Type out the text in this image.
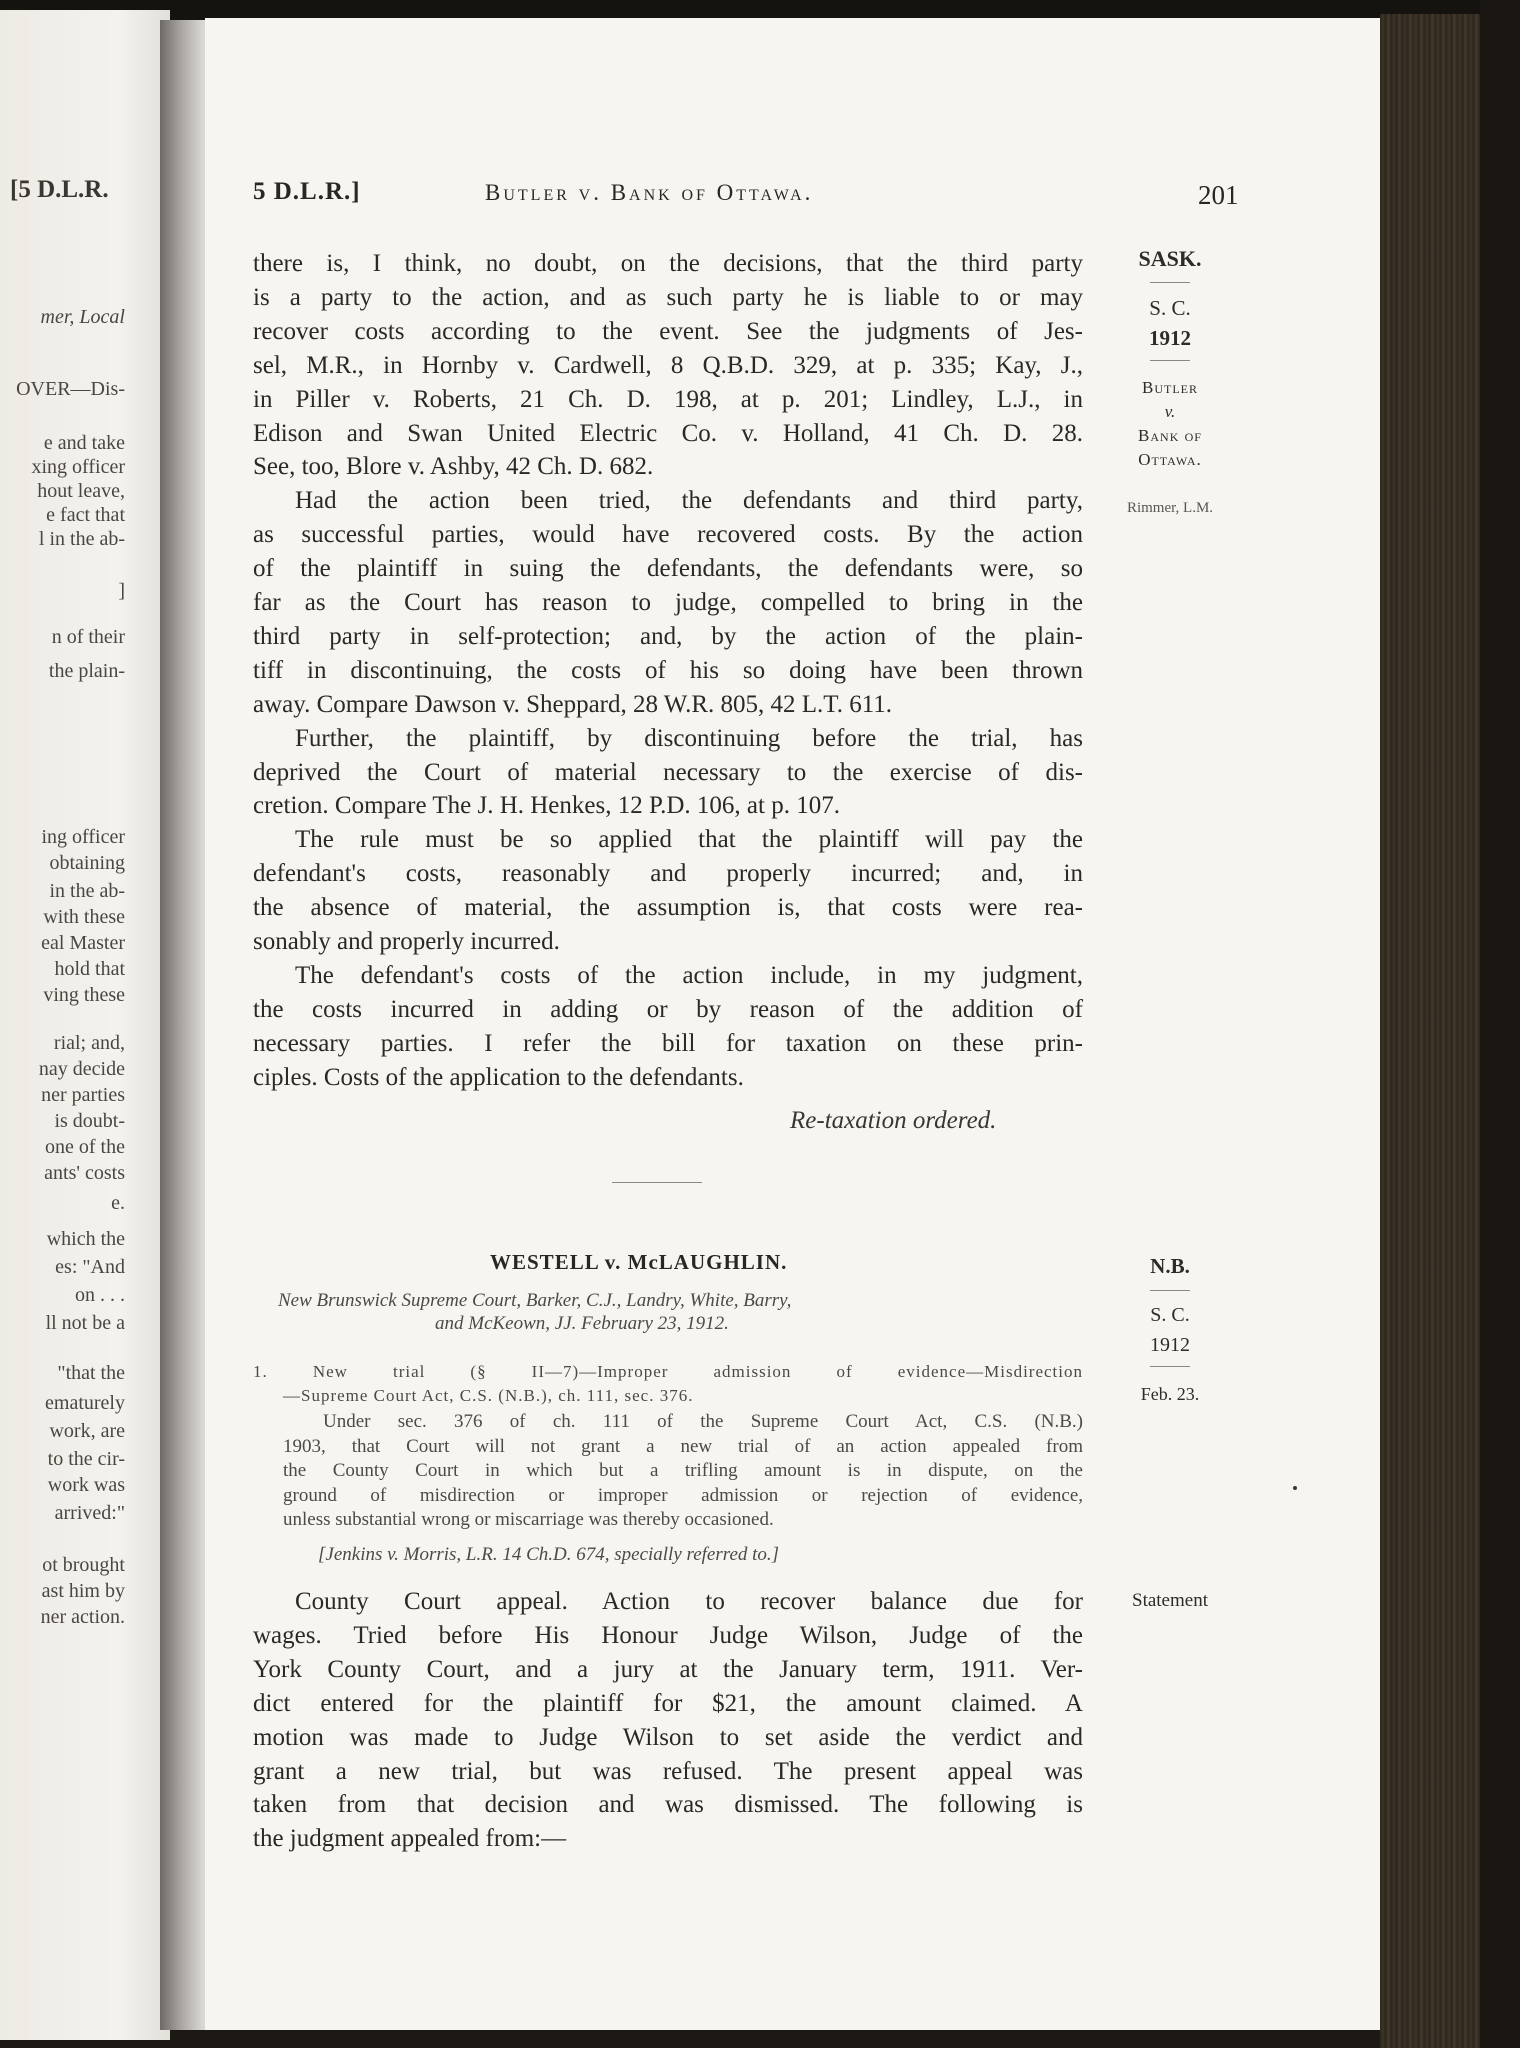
[5 D.L.R.
mer, Local
OVER—Dis-
e and take
xing officer
hout leave,
e fact that
l in the ab-
]
n of their
the plain-
ing officer
obtaining
in the ab-
with these
eal Master
hold that
ving these
rial; and,
nay decide
ner parties
is doubt-
one of the
ants' costs
e.
which the
es: "And
on . . .
ll not be a
"that the
ematurely
work, are
to the cir-
work was
arrived:"
ot brought
ast him by
ner action.
5 D.L.R.]	Butler v. Bank of Ottawa.	201
SASK.
S. C.
1912
Butler
v.
Bank of
Ottawa.
Rimmer, L.M.
there is, I think, no doubt, on the decisions, that the third party
is a party to the action, and as such party he is liable to or may
recover costs according to the event. See the judgments of Jes-
sel, M.R., in Hornby v. Cardwell, 8 Q.B.D. 329, at p. 335; Kay, J.,
in Piller v. Roberts, 21 Ch. D. 198, at p. 201; Lindley, L.J., in
Edison and Swan United Electric Co. v. Holland, 41 Ch. D. 28.
See, too, Blore v. Ashby, 42 Ch. D. 682.
Had the action been tried, the defendants and third party,
as successful parties, would have recovered costs. By the action
of the plaintiff in suing the defendants, the defendants were, so
far as the Court has reason to judge, compelled to bring in the
third party in self-protection; and, by the action of the plain-
tiff in discontinuing, the costs of his so doing have been thrown
away. Compare Dawson v. Sheppard, 28 W.R. 805, 42 L.T. 611.
Further, the plaintiff, by discontinuing before the trial, has
deprived the Court of material necessary to the exercise of dis-
cretion. Compare The J. H. Henkes, 12 P.D. 106, at p. 107.
The rule must be so applied that the plaintiff will pay the
defendant's costs, reasonably and properly incurred; and, in
the absence of material, the assumption is, that costs were rea-
sonably and properly incurred.
The defendant's costs of the action include, in my judgment,
the costs incurred in adding or by reason of the addition of
necessary parties. I refer the bill for taxation on these prin-
ciples. Costs of the application to the defendants.
Re-taxation ordered.
WESTELL v. McLAUGHLIN.
New Brunswick Supreme Court, Barker, C.J., Landry, White, Barry,
and McKeown, JJ. February 23, 1912.
1. New trial (§ II—7)—Improper admission of evidence—Misdirection
—Supreme Court Act, C.S. (N.B.), ch. 111, sec. 376.
Under sec. 376 of ch. 111 of the Supreme Court Act, C.S. (N.B.)
1903, that Court will not grant a new trial of an action appealed from
the County Court in which but a trifling amount is in dispute, on the
ground of misdirection or improper admission or rejection of evidence,
unless substantial wrong or miscarriage was thereby occasioned.
County Court appeal. Action to recover balance due for
wages. Tried before His Honour Judge Wilson, Judge of the
York County Court, and a jury at the January term, 1911. Ver-
dict entered for the plaintiff for $21, the amount claimed. A
motion was made to Judge Wilson to set aside the verdict and
grant a new trial, but was refused. The present appeal was
taken from that decision and was dismissed. The following is
the judgment appealed from:—
[Jenkins v. Morris, L.R. 14 Ch.D. 674, specially referred to.]
N.B.
S. C.
1912
Feb. 23.
Statement
